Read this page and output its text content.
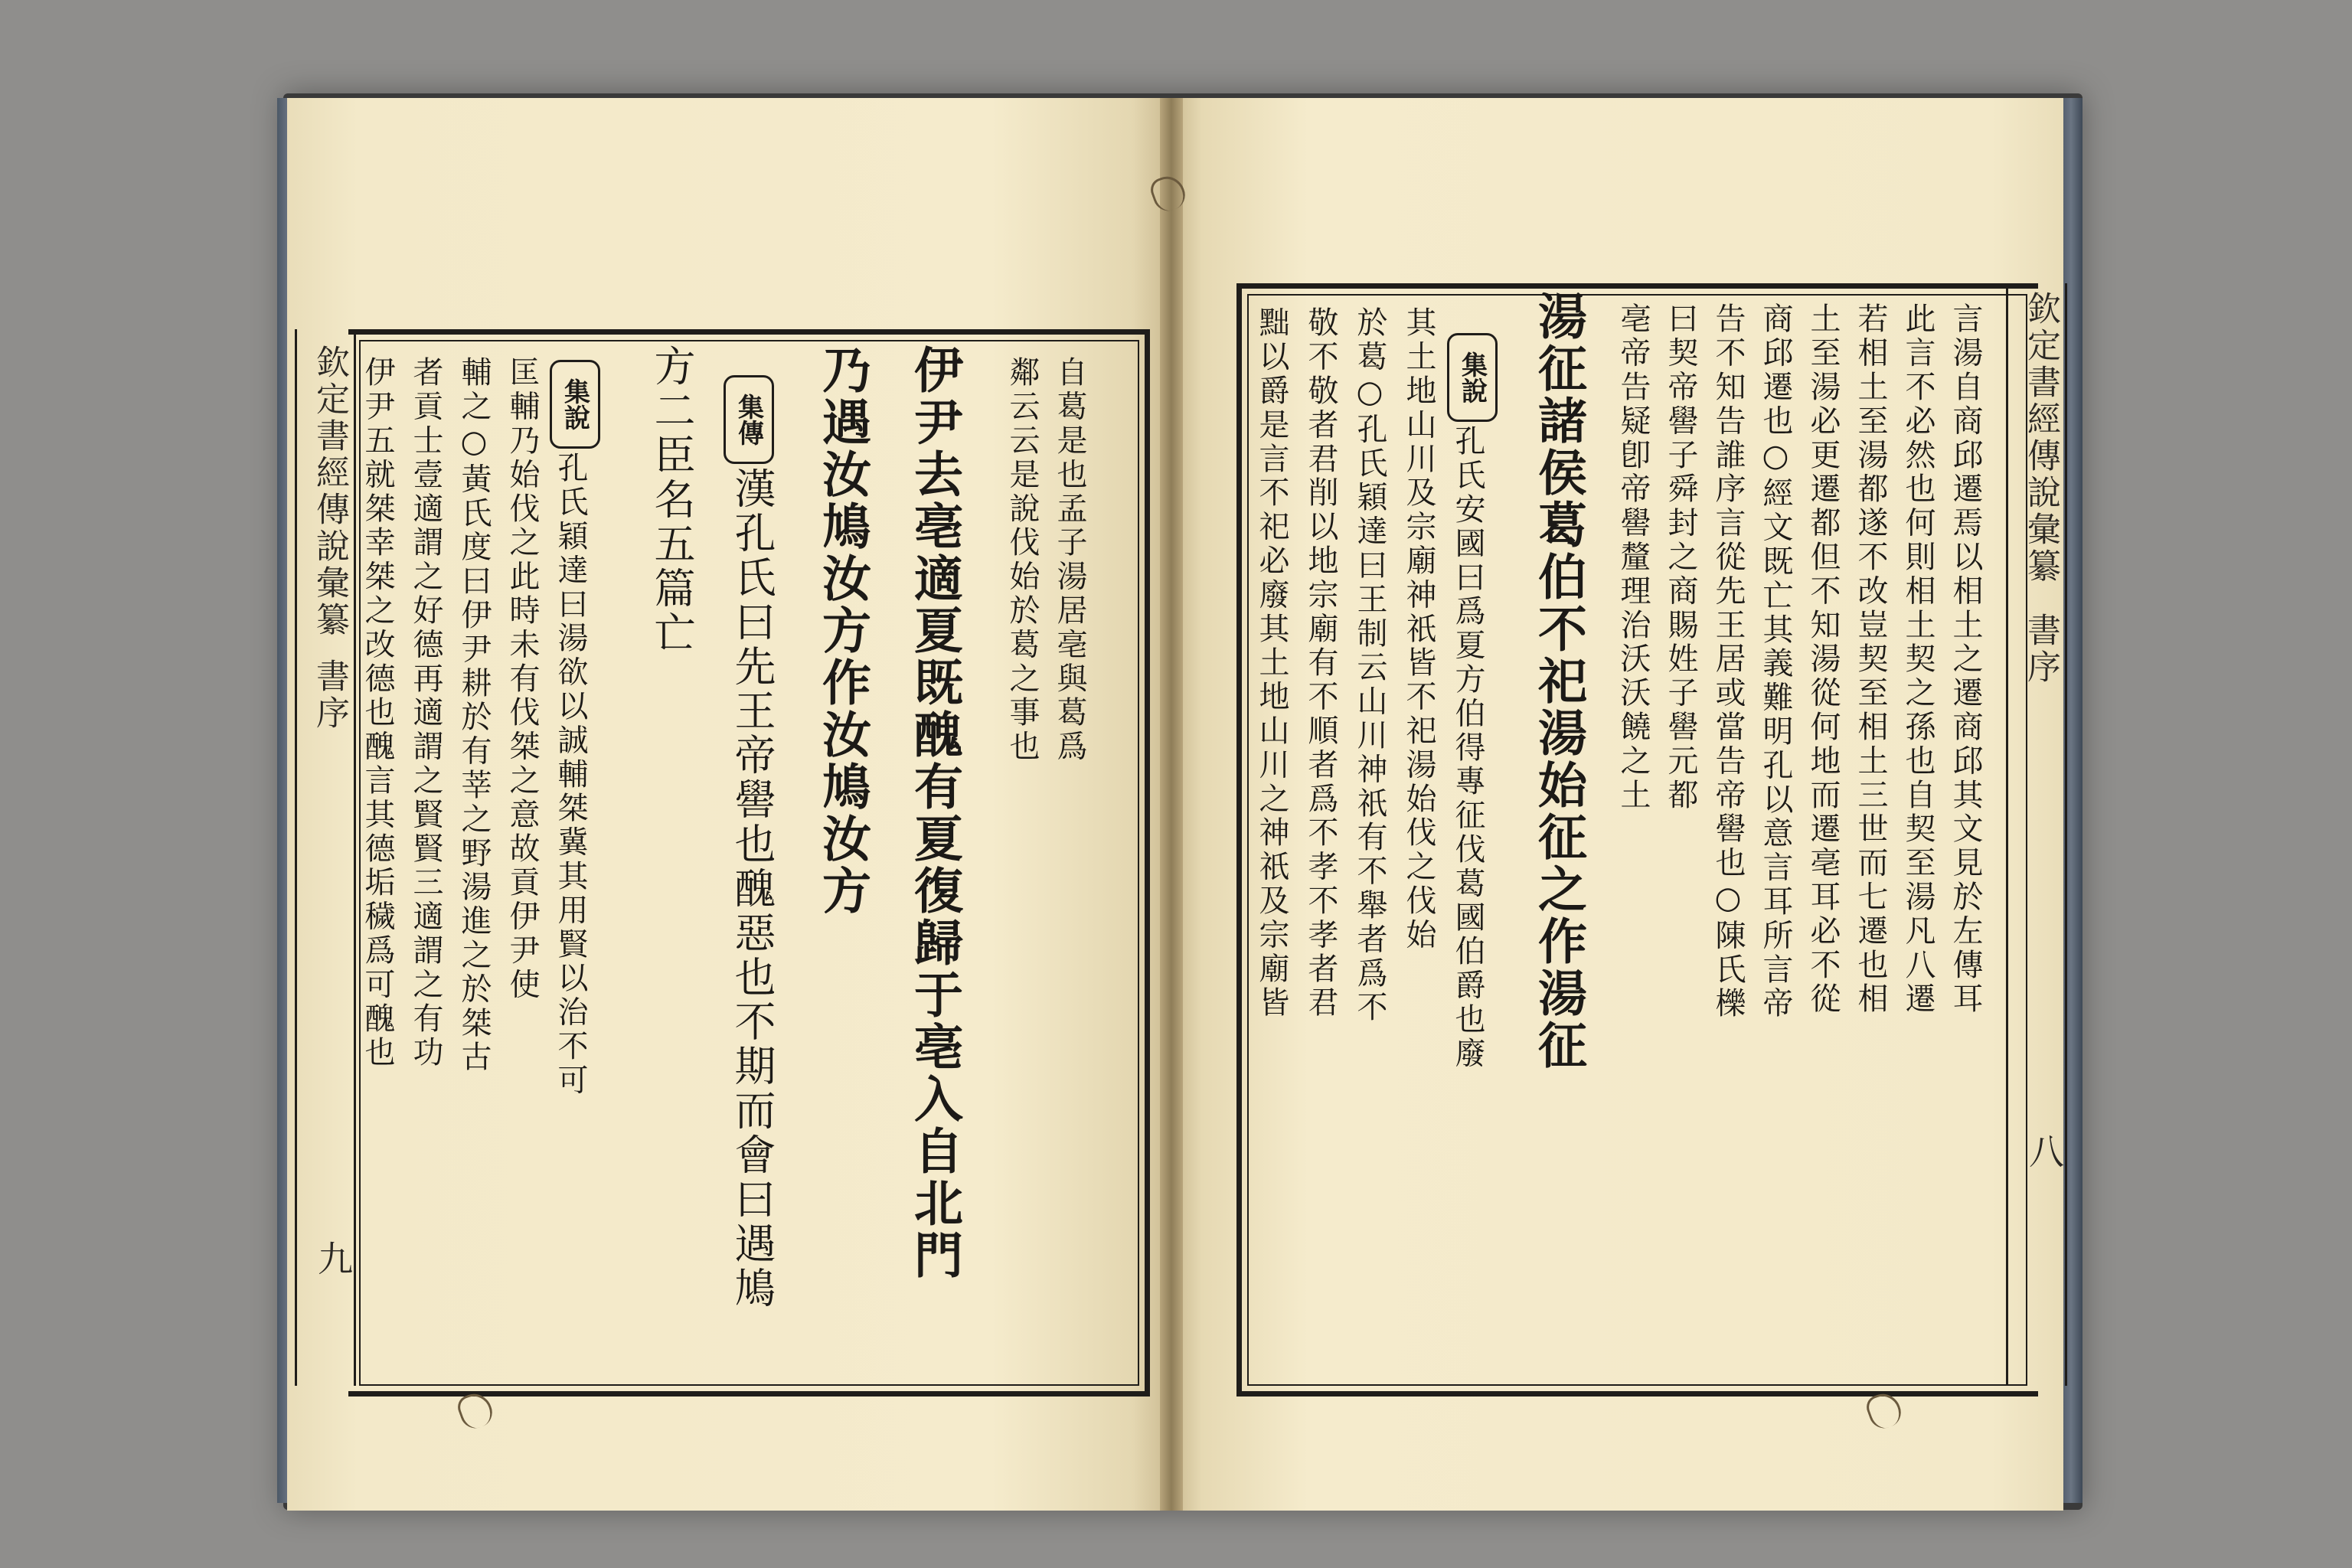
欽定書經傳說彙纂
書序
九
自葛是也孟子湯居亳與葛爲
鄰云云是說伐始於葛之事也
伊尹去亳適夏既醜有夏復歸于亳入自北門
乃遇汝鳩汝方作汝鳩汝方
集傳
漢孔氏曰先王帝嚳也醜惡也不期而會曰遇鳩
方二臣名五篇亡
集說
孔氏穎達曰湯欲以誠輔桀冀其用賢以治不可
匡輔乃始伐之此時未有伐桀之意故貢伊尹使
輔之○黃氏度曰伊尹耕於有莘之野湯進之於桀古
者貢士壹適謂之好德再適謂之賢賢三適謂之有功
伊尹五就桀幸桀之改德也醜言其德垢穢爲可醜也	欽定書經傳說彙纂
書序
八
言湯自商邱遷焉以相土之遷商邱其文見於左傳耳
此言不必然也何則相土契之孫也自契至湯凡八遷
若相土至湯都遂不改豈契至相土三世而七遷也相
土至湯必更遷都但不知湯從何地而遷亳耳必不從
商邱遷也○經文既亡其義難明孔以意言耳所言帝
告不知告誰序言從先王居或當告帝嚳也○陳氏櫟
曰契帝嚳子舜封之商賜姓子嚳元都
亳帝告疑卽帝嚳釐理治沃沃饒之土
湯征諸侯葛伯不祀湯始征之作湯征
集說
孔氏安國曰爲夏方伯得專征伐葛國伯爵也廢
其土地山川及宗廟神祇皆不祀湯始伐之伐始
於葛○孔氏穎達曰王制云山川神祇有不舉者爲不
敬不敬者君削以地宗廟有不順者爲不孝不孝者君
黜以爵是言不祀必廢其土地山川之神祇及宗廟皆
